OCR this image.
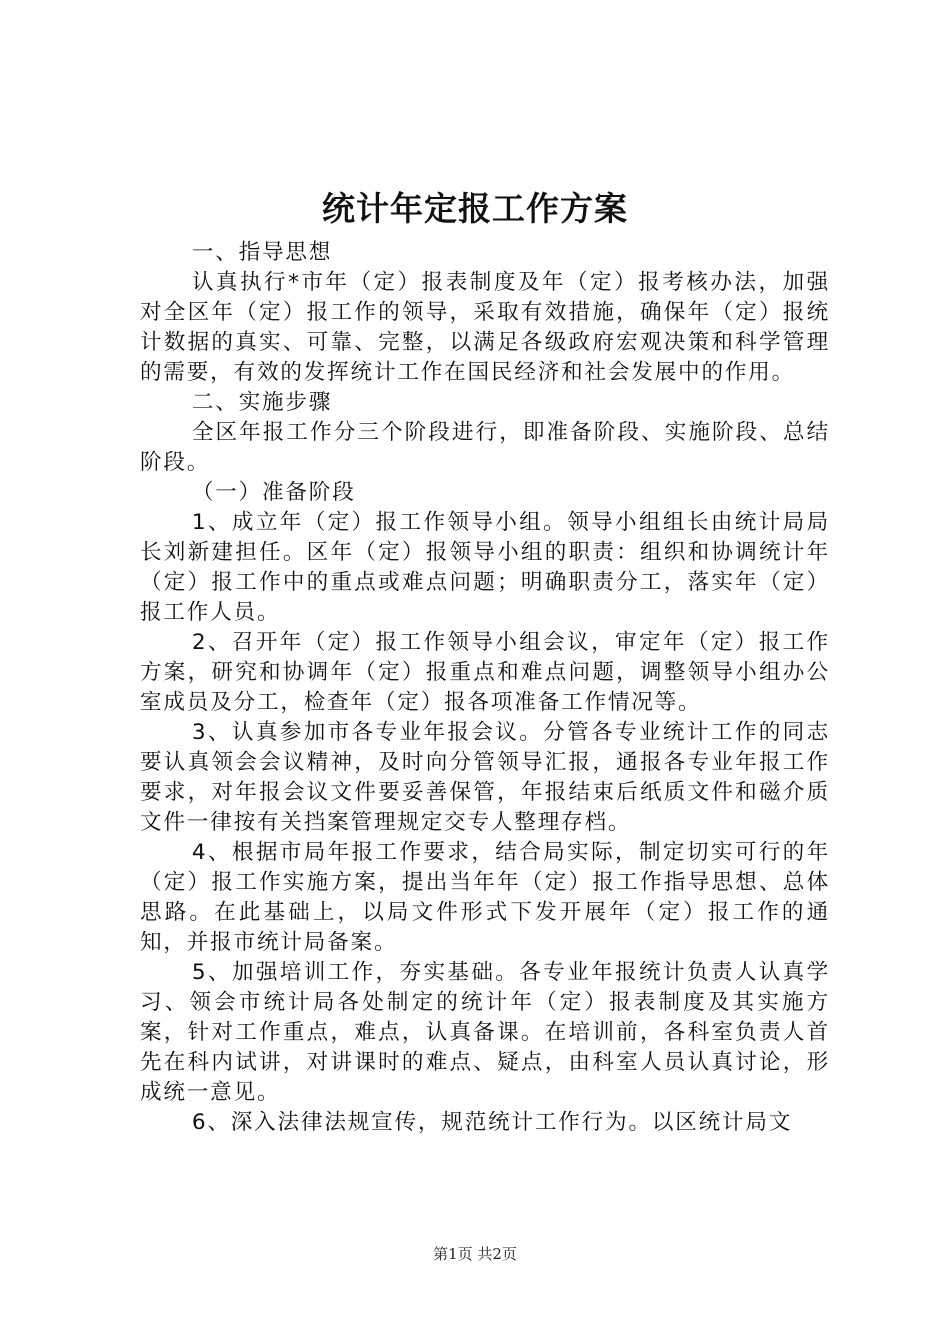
统计年定报工作方案

一、指导思想

认真执行*市年（定）报表制度及年（定）报考核办法，加强对全区年（定）报工作的领导，采取有效措施，确保年（定）报统计数据的真实、可靠、完整，以满足各级政府宏观决策和科学管理的需要，有效的发挥统计工作在国民经济和社会发展中的作用。

二、实施步骤

全区年报工作分三个阶段进行，即准备阶段、实施阶段、总结阶段。

（一）准备阶段

1、成立年（定）报工作领导小组。领导小组组长由统计局局长刘新建担任。区年（定）报领导小组的职责：组织和协调统计年（定）报工作中的重点或难点问题；明确职责分工，落实年（定）报工作人员。

2、召开年（定）报工作领导小组会议，审定年（定）报工作方案，研究和协调年（定）报重点和难点问题，调整领导小组办公室成员及分工，检查年（定）报各项准备工作情况等。

3、认真参加市各专业年报会议。分管各专业统计工作的同志要认真领会会议精神，及时向分管领导汇报，通报各专业年报工作要求，对年报会议文件要妥善保管，年报结束后纸质文件和磁介质文件一律按有关挡案管理规定交专人整理存档。

4、根据市局年报工作要求，结合局实际，制定切实可行的年（定）报工作实施方案，提出当年年（定）报工作指导思想、总体思路。在此基础上，以局文件形式下发开展年（定）报工作的通知，并报市统计局备案。

5、加强培训工作，夯实基础。各专业年报统计负责人认真学习、领会市统计局各处制定的统计年（定）报表制度及其实施方案，针对工作重点，难点，认真备课。在培训前，各科室负责人首先在科内试讲，对讲课时的难点、疑点，由科室人员认真讨论，形成统一意见。

6、深入法律法规宣传，规范统计工作行为。以区统计局文

第1页 共2页
